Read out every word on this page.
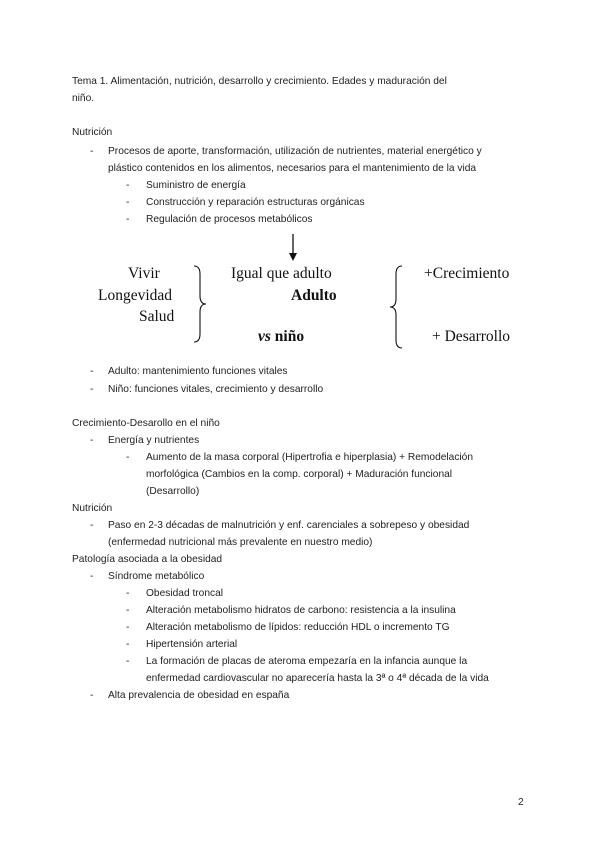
Tema 1. Alimentación, nutrición, desarrollo y crecimiento. Edades y maduración del
niño.
Nutrición
- Procesos de aporte, transformación, utilización de nutrientes, material energético y
plástico contenidos en los alimentos, necesarios para el mantenimiento de la vida
- Suministro de energía
- Construcción y reparación estructuras orgánicas
- Regulación de procesos metabólicos
Vivir
Longevidad
Salud
Igual que adulto
Adulto
vs niño
+Crecimiento
+ Desarrollo
- Adulto: mantenimiento funciones vitales
- Niño: funciones vitales, crecimiento y desarrollo
Crecimiento-Desarollo en el niño
- Energía y nutrientes
- Aumento de la masa corporal (Hipertrofia e hiperplasia) + Remodelación
morfológica (Cambios en la comp. corporal) + Maduración funcional
(Desarrollo)
Nutrición
- Paso en 2-3 décadas de malnutrición y enf. carenciales a sobrepeso y obesidad
(enfermedad nutricional más prevalente en nuestro medio)
Patología asociada a la obesidad
- Síndrome metabólico
- Obesidad troncal
- Alteración metabolismo hidratos de carbono: resistencia a la insulina
- Alteración metabolismo de lípidos: reducción HDL o incremento TG
- Hipertensión arterial
- La formación de placas de ateroma empezaría en la infancia aunque la
enfermedad cardiovascular no aparecería hasta la 3ª o 4ª década de la vida
- Alta prevalencia de obesidad en españa
2
